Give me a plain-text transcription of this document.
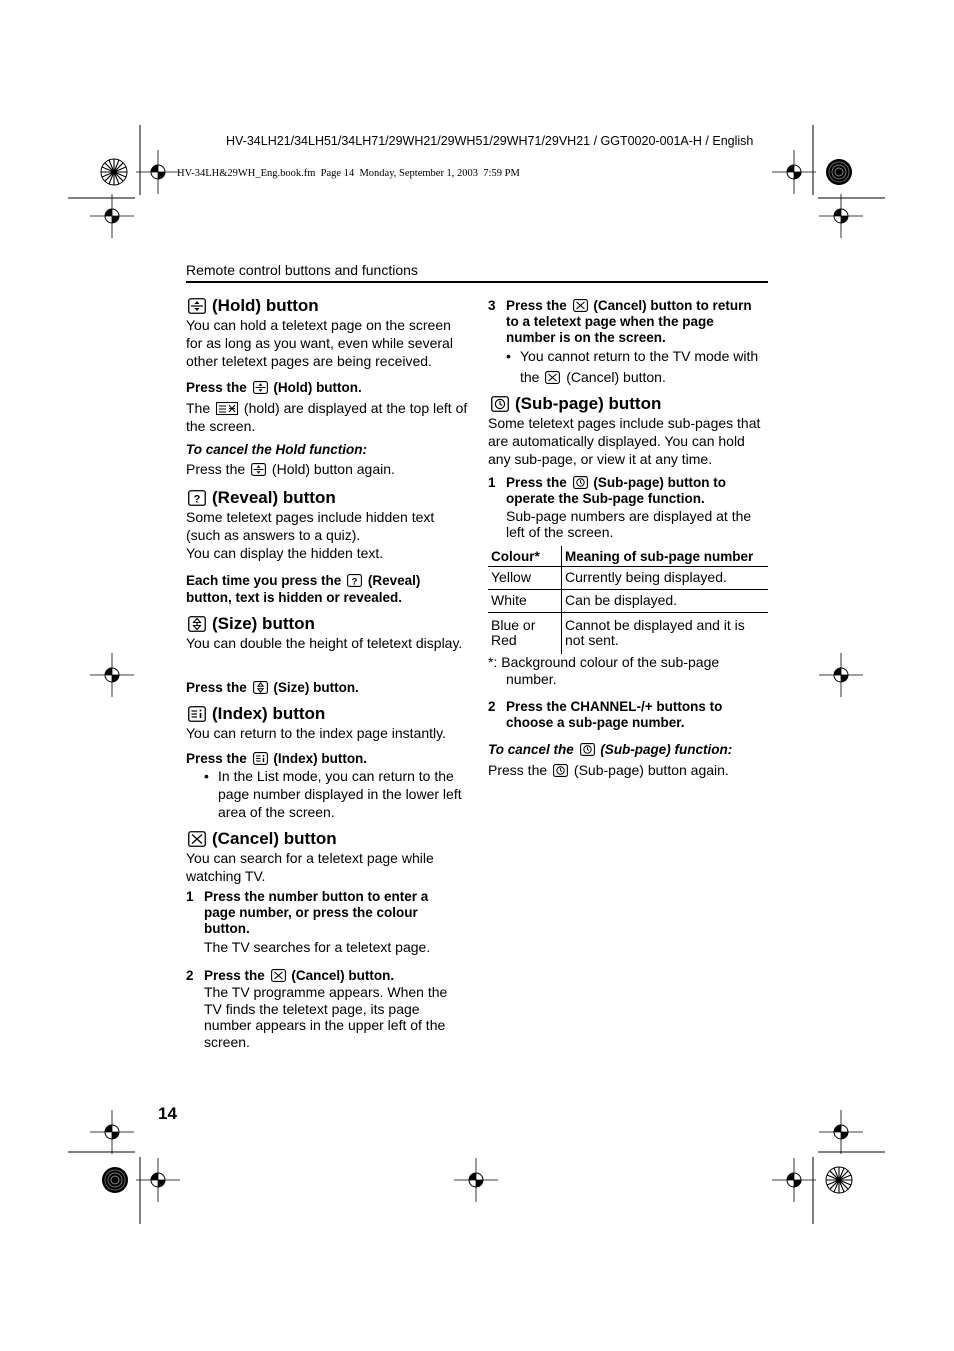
HV-34LH21/34LH51/34LH71/29WH21/29WH51/29WH71/29VH21 / GGT0020-001A-H / English
HV-34LH&29WH_Eng.book.fm  Page 14  Monday, September 1, 2003  7:59 PM
Remote control buttons and functions
(Hold) button
You can hold a teletext page on the screen for as long as you want, even while several other teletext pages are being received.
Press the (Hold) button.
The (hold) are displayed at the top left of the screen.
To cancel the Hold function:
Press the (Hold) button again.
? (Reveal) button
Some teletext pages include hidden text (such as answers to a quiz).
You can display the hidden text.
Each time you press the ? (Reveal) button, text is hidden or revealed.
(Size) button
You can double the height of teletext display.
Press the (Size) button.
(Index) button
You can return to the index page instantly.
Press the (Index) button.
• In the List mode, you can return to the page number displayed in the lower left area of the screen.
(Cancel) button
You can search for a teletext page while watching TV.
1 Press the number button to enter a page number, or press the colour button.
The TV searches for a teletext page.
2 Press the (Cancel) button.
The TV programme appears. When the TV finds the teletext page, its page number appears in the upper left of the screen.
3 Press the (Cancel) button to return to a teletext page when the page number is on the screen.
• You cannot return to the TV mode with the (Cancel) button.
(Sub-page) button
Some teletext pages include sub-pages that are automatically displayed. You can hold any sub-page, or view it at any time.
1 Press the (Sub-page) button to operate the Sub-page function.
Sub-page numbers are displayed at the left of the screen.
Colour*	Meaning of sub-page number
Yellow	Currently being displayed.
White	Can be displayed.
Blue or Red	Cannot be displayed and it is not sent.
*: Background colour of the sub-page number.
2 Press the CHANNEL-/+ buttons to choose a sub-page number.
To cancel the (Sub-page) function:
Press the (Sub-page) button again.
14
